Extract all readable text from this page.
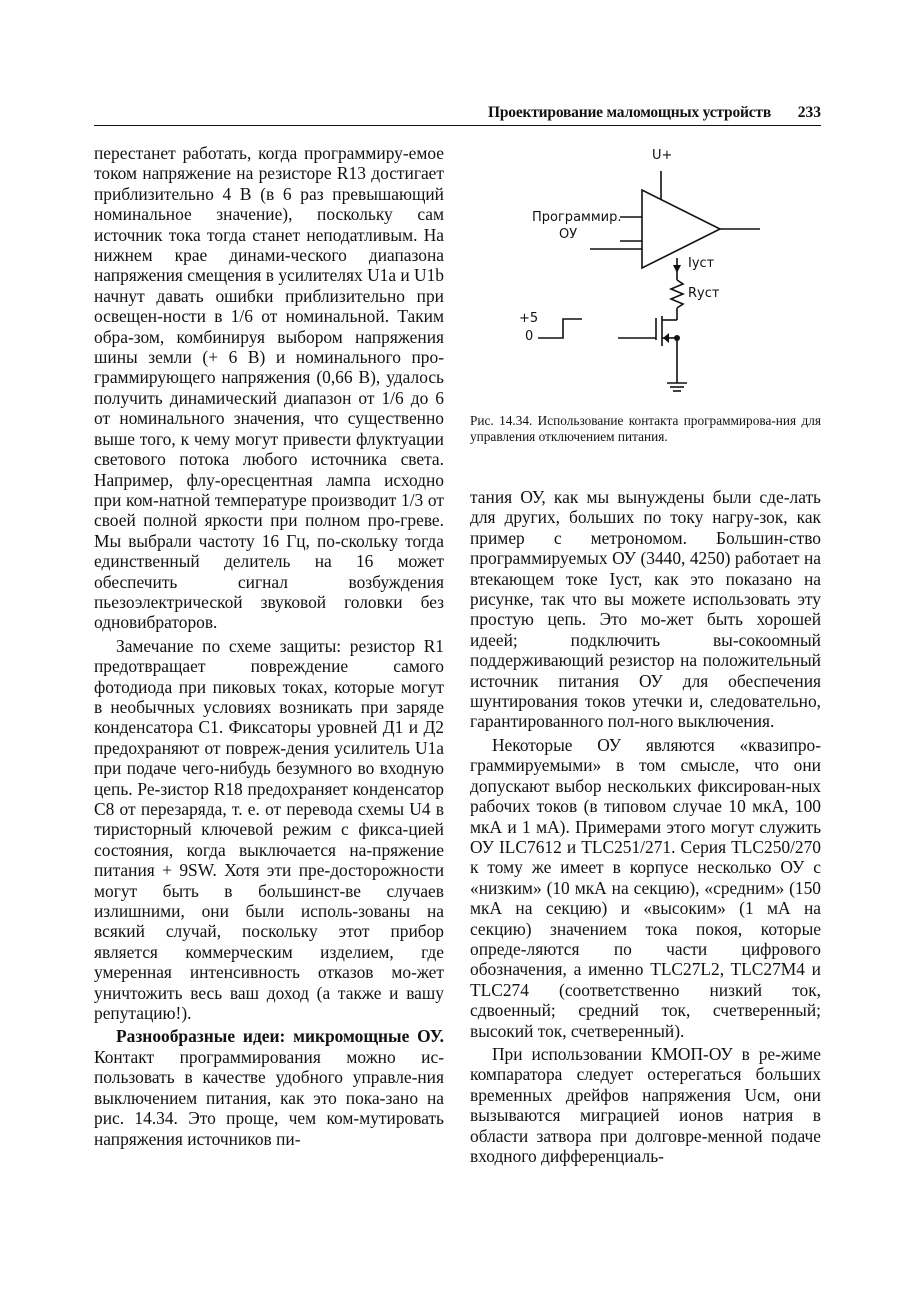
Проектирование маломощных устройств 233

перестанет работать, когда программиру-емое током напряжение на резисторе R13 достигает приблизительно 4 В (в 6 раз превышающий номинальное значение), поскольку сам источник тока тогда станет неподатливым. На нижнем крае динами-ческого диапазона напряжения смещения в усилителях U1a и U1b начнут давать ошибки приблизительно при освещен-ности в 1/6 от номинальной. Таким обра-зом, комбинируя выбором напряжения шины земли (+ 6 В) и номинального про-граммирующего напряжения (0,66 В), удалось получить динамический диапазон от 1/6 до 6 от номинального значения, что существенно выше того, к чему могут привести флуктуации светового потока любого источника света. Например, флу-оресцентная лампа исходно при ком-натной температуре производит 1/3 от своей полной яркости при полном про-греве. Мы выбрали частоту 16 Гц, по-скольку тогда единственный делитель на 16 может обеспечить сигнал возбуждения пьезоэлектрической звуковой головки без одновибраторов.

Замечание по схеме защиты: резистор R1 предотвращает повреждение самого фотодиода при пиковых токах, которые могут в необычных условиях возникать при заряде конденсатора C1. Фиксаторы уровней Д1 и Д2 предохраняют от повреж-дения усилитель U1a при подаче чего-нибудь безумного во входную цепь. Ре-зистор R18 предохраняет конденсатор C8 от перезаряда, т. е. от перевода схемы U4 в тиристорный ключевой режим с фикса-цией состояния, когда выключается на-пряжение питания + 9SW. Хотя эти пре-досторожности могут быть в большинст-ве случаев излишними, они были исполь-зованы на всякий случай, поскольку этот прибор является коммерческим изделием, где умеренная интенсивность отказов мо-жет уничтожить весь ваш доход (а также и вашу репутацию!).

Разнообразные идеи: микромощные ОУ. Контакт программирования можно ис-пользовать в качестве удобного управле-ния выключением питания, как это пока-зано на рис. 14.34. Это проще, чем ком-мутировать напряжения источников пи-

U+
Программир.
ОУ
Iуст
Rуст
+5
0
Рис. 14.34. Использование контакта программирова-ния для управления отключением питания.

тания ОУ, как мы вынуждены были сде-лать для других, больших по току нагру-зок, как пример с метрономом. Большин-ство программируемых ОУ (3440, 4250) работает на втекающем токе Iуст, как это показано на рисунке, так что вы можете использовать эту простую цепь. Это мо-жет быть хорошей идеей; подключить вы-сокоомный поддерживающий резистор на положительный источник питания ОУ для обеспечения шунтирования токов утечки и, следовательно, гарантированного пол-ного выключения.

Некоторые ОУ являются «квазипро-граммируемыми» в том смысле, что они допускают выбор нескольких фиксирован-ных рабочих токов (в типовом случае 10 мкА, 100 мкА и 1 мА). Примерами этого могут служить ОУ ILC7612 и TLC251/271. Серия TLC250/270 к тому же имеет в корпусе несколько ОУ с «низким» (10 мкА на секцию), «средним» (150 мкА на секцию) и «высоким» (1 мА на секцию) значением тока покоя, которые опреде-ляются по части цифрового обозначения, а именно TLC27L2, TLC27M4 и TLC274 (соответственно низкий ток, сдвоенный; средний ток, счетверенный; высокий ток, счетверенный).

При использовании КМОП-ОУ в ре-жиме компаратора следует остерегаться больших временных дрейфов напряжения Uсм, они вызываются миграцией ионов натрия в области затвора при долговре-менной подаче входного дифференциаль-
